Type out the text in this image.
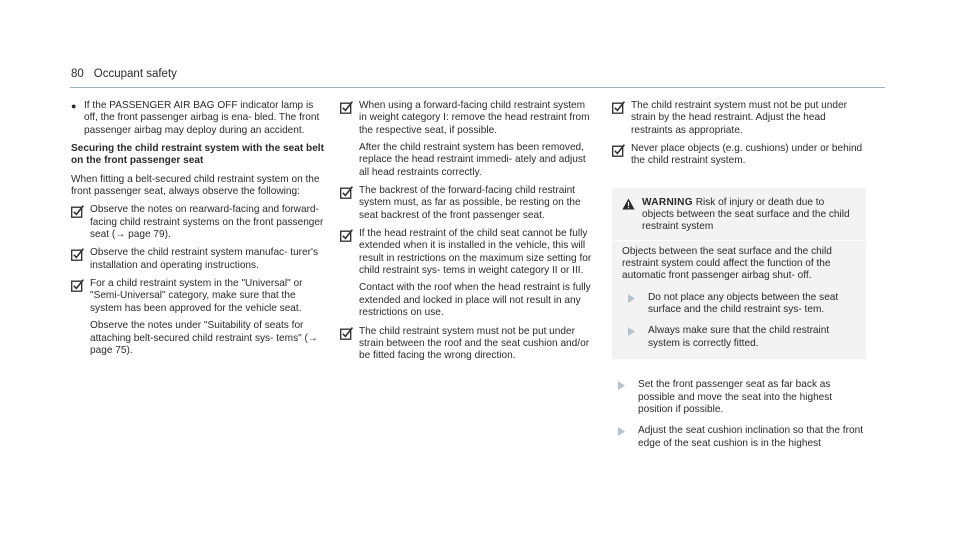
80 Occupant safety
● If the PASSENGER AIR BAG OFF indicator lamp is off, the front passenger airbag is ena- bled. The front passenger airbag may deploy during an accident.
Securing the child restraint system with the seat belt on the front passenger seat
When fitting a belt-secured child restraint system on the front passenger seat, always observe the following:
Observe the notes on rearward-facing and forward-facing child restraint systems on the front passenger seat (→ page 79).
Observe the child restraint system manufac- turer's installation and operating instructions.
For a child restraint system in the "Universal" or "Semi-Universal" category, make sure that the system has been approved for the vehicle seat.
Observe the notes under "Suitability of seats for attaching belt-secured child restraint sys- tems" (→ page 75).
When using a forward-facing child restraint system in weight category I: remove the head restraint from the respective seat, if possible.
After the child restraint system has been removed, replace the head restraint immedi- ately and adjust all head restraints correctly.
The backrest of the forward-facing child restraint system must, as far as possible, be resting on the seat backrest of the front passenger seat.
If the head restraint of the child seat cannot be fully extended when it is installed in the vehicle, this will result in restrictions on the maximum size setting for child restraint sys- tems in weight category II or III.
Contact with the roof when the head restraint is fully extended and locked in place will not result in any restrictions on use.
The child restraint system must not be put under strain between the roof and the seat cushion and/or be fitted facing the wrong direction.
The child restraint system must not be put under strain by the head restraint. Adjust the head restraints as appropriate.
Never place objects (e.g. cushions) under or behind the child restraint system.
WARNING Risk of injury or death due to objects between the seat surface and the child restraint system
Objects between the seat surface and the child restraint system could affect the function of the automatic front passenger airbag shut- off.
Do not place any objects between the seat surface and the child restraint sys- tem.
Always make sure that the child restraint system is correctly fitted.
Set the front passenger seat as far back as possible and move the seat into the highest position if possible.
Adjust the seat cushion inclination so that the front edge of the seat cushion is in the highest
